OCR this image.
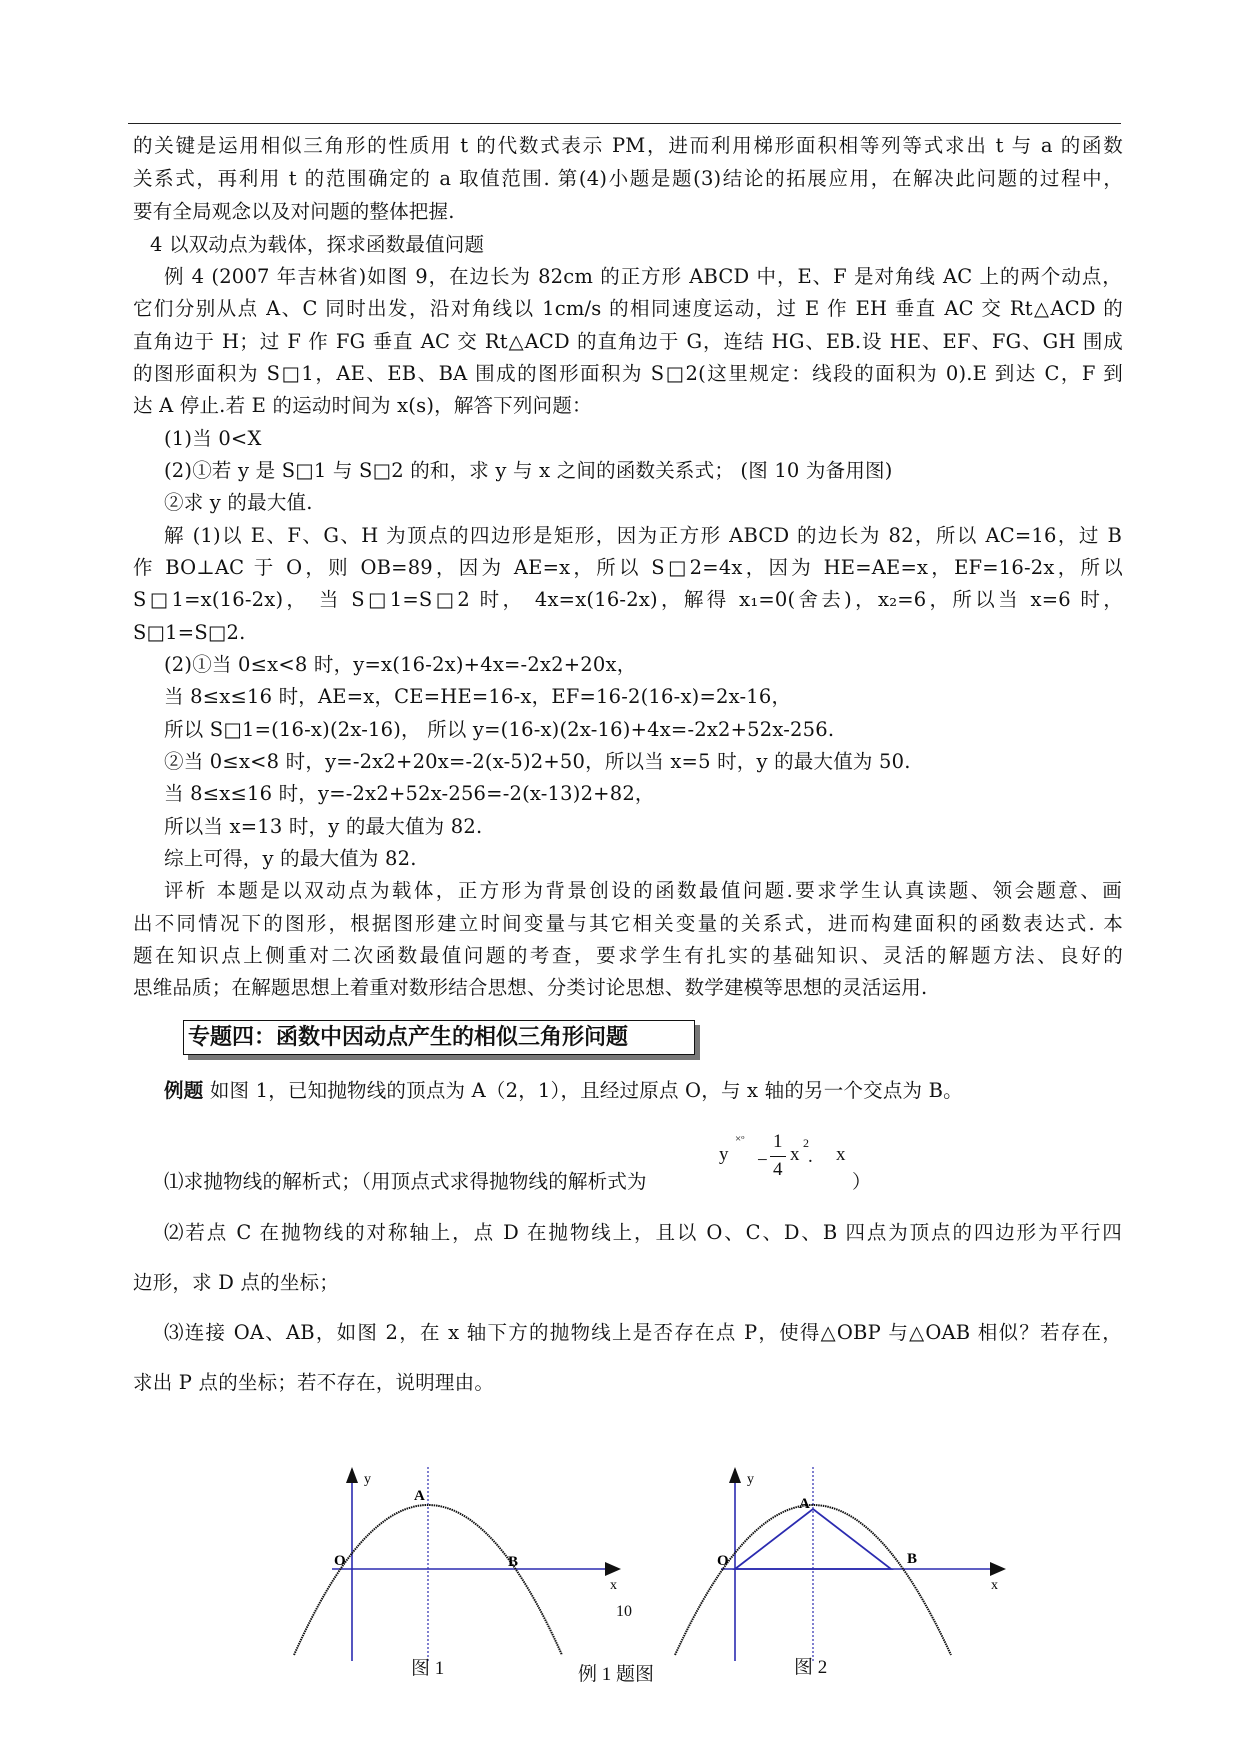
的关键是运用相似三角形的性质用 t 的代数式表示 PM，进而利用梯形面积相等列等式求出 t 与 a 的函数
关系式，再利用 t 的范围确定的 a 取值范围. 第(4)小题是题(3)结论的拓展应用，在解决此问题的过程中，
要有全局观念以及对问题的整体把握.
4 以双动点为载体，探求函数最值问题
例 4 (2007 年吉林省)如图 9，在边长为 82cm 的正方形 ABCD 中，E、F 是对角线 AC 上的两个动点，
它们分别从点 A、C 同时出发，沿对角线以 1cm/s 的相同速度运动，过 E 作 EH 垂直 AC 交 Rt△ACD 的
直角边于 H；过 F 作 FG 垂直 AC 交 Rt△ACD 的直角边于 G，连结 HG、EB.设 HE、EF、FG、GH 围成
的图形面积为 S□1，AE、EB、BA 围成的图形面积为 S□2(这里规定：线段的面积为 0).E 到达 C，F 到
达 A 停止.若 E 的运动时间为 x(s)，解答下列问题：
(1)当 0<X
(2)①若 y 是 S□1 与 S□2 的和，求 y 与 x 之间的函数关系式； (图 10 为备用图)
②求 y 的最大值.
解 (1)以 E、F、G、H 为顶点的四边形是矩形，因为正方形 ABCD 的边长为 82，所以 AC=16，过 B
作 BO⊥AC 于 O，则 OB=89，因为 AE=x，所以 S□2=4x，因为 HE=AE=x，EF=16-2x，所以
S□1=x(16-2x)， 当 S□1=S□2 时， 4x=x(16-2x)，解得 x₁=0(舍去)，x₂=6，所以当 x=6 时，
S□1=S□2.
(2)①当 0≤x<8 时，y=x(16-2x)+4x=-2x2+20x，
当 8≤x≤16 时，AE=x，CE=HE=16-x，EF=16-2(16-x)=2x-16，
所以 S□1=(16-x)(2x-16)， 所以 y=(16-x)(2x-16)+4x=-2x2+52x-256.
②当 0≤x<8 时，y=-2x2+20x=-2(x-5)2+50，所以当 x=5 时，y 的最大值为 50.
当 8≤x≤16 时，y=-2x2+52x-256=-2(x-13)2+82，
所以当 x=13 时，y 的最大值为 82.
综上可得，y 的最大值为 82.
评析 本题是以双动点为载体，正方形为背景创设的函数最值问题.要求学生认真读题、领会题意、画
出不同情况下的图形，根据图形建立时间变量与其它相关变量的关系式，进而构建面积的函数表达式. 本
题在知识点上侧重对二次函数最值问题的考查，要求学生有扎实的基础知识、灵活的解题方法、良好的
思维品质；在解题思想上着重对数形结合思想、分类讨论思想、数学建模等思想的灵活运用.
专题四：函数中因动点产生的相似三角形问题
例题 如图 1，已知抛物线的顶点为 A（2，1），且经过原点 O，与 x 轴的另一个交点为 B。
⑴求抛物线的解析式；（用顶点式求得抛物线的解析式为
y
×ᵒ
−
1
4
x
2
. x
）
⑵若点 C 在抛物线的对称轴上，点 D 在抛物线上，且以 O、C、D、B 四点为顶点的四边形为平行四
边形，求 D 点的坐标；
⑶连接 OA、AB，如图 2，在 x 轴下方的抛物线上是否存在点 P，使得△OBP 与△OAB 相似？若存在，
求出 P 点的坐标；若不存在，说明理由。
y
x
O
A
B
y
x
O
A
B
10
图 1	例 1 题图	图 2
